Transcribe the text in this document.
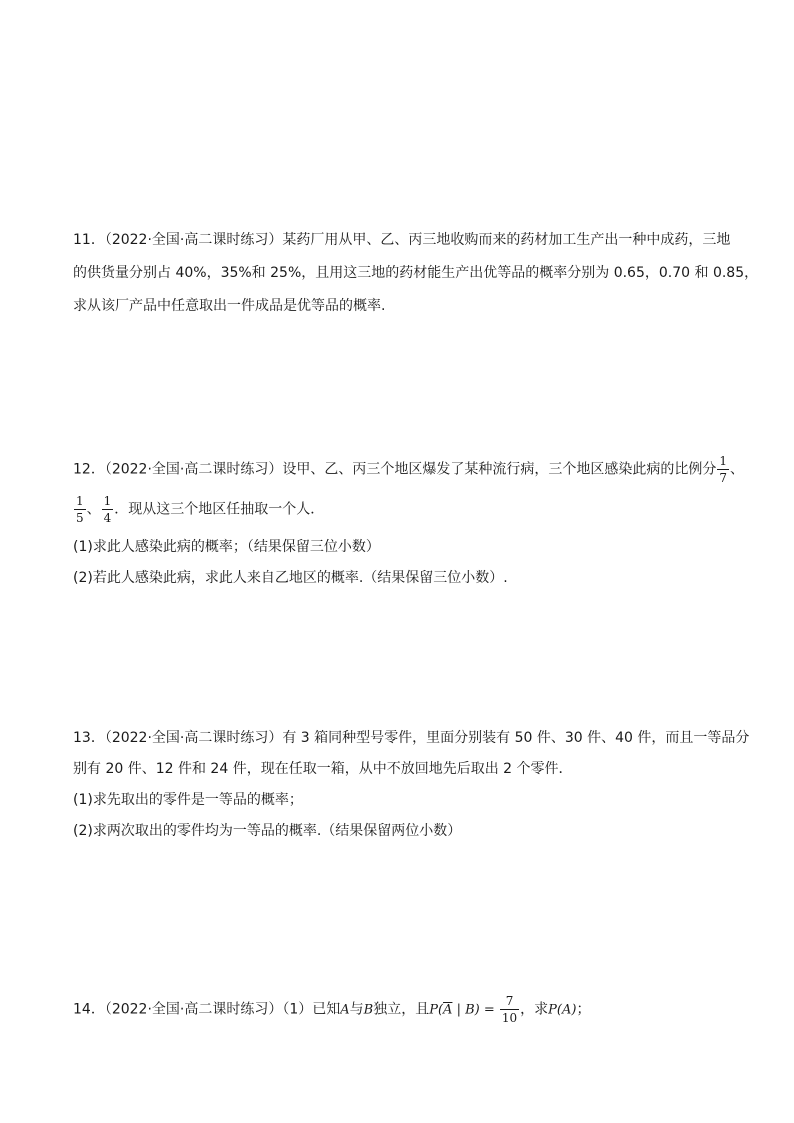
11．（2022·全国·高二课时练习）某药厂用从甲、乙、丙三地收购而来的药材加工生产出一种中成药，三地
的供货量分别占 40%，35%和 25%，且用这三地的药材能生产出优等品的概率分别为 0.65，0.70 和 0.85，
求从该厂产品中任意取出一件成品是优等品的概率.
12．（2022·全国·高二课时练习）设甲、乙、丙三个地区爆发了某种流行病，三个地区感染此病的比例分 $\frac{1}{7}$ 、
$\frac{1}{5}$ 、 $\frac{1}{4}$ ．现从这三个地区任抽取一个人．
(1)求此人感染此病的概率；（结果保留三位小数）
(2)若此人感染此病，求此人来自乙地区的概率.（结果保留三位小数）.
13．（2022·全国·高二课时练习）有 3 箱同种型号零件，里面分别装有 50 件、30 件、40 件，而且一等品分
别有 20 件、12 件和 24 件，现在任取一箱，从中不放回地先后取出 2 个零件．
(1)求先取出的零件是一等品的概率；
(2)求两次取出的零件均为一等品的概率.（结果保留两位小数）
14．（2022·全国·高二课时练习）（1）已知A与B独立，且$P(\overline{A}$ | $B) = \frac{7}{10}$ ，求P(A)；
